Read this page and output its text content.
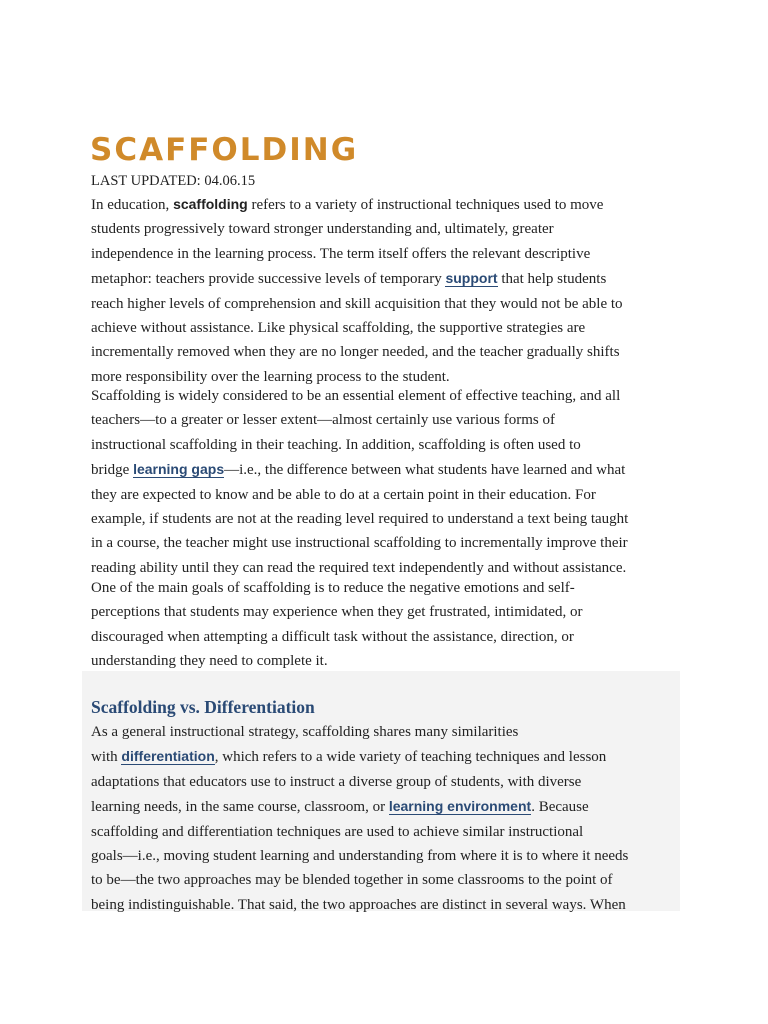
SCAFFOLDING
LAST UPDATED: 04.06.15

In education, scaffolding refers to a variety of instructional techniques used to move
students progressively toward stronger understanding and, ultimately, greater
independence in the learning process. The term itself offers the relevant descriptive
metaphor: teachers provide successive levels of temporary support that help students
reach higher levels of comprehension and skill acquisition that they would not be able to
achieve without assistance. Like physical scaffolding, the supportive strategies are
incrementally removed when they are no longer needed, and the teacher gradually shifts
more responsibility over the learning process to the student.

Scaffolding is widely considered to be an essential element of effective teaching, and all
teachers—to a greater or lesser extent—almost certainly use various forms of
instructional scaffolding in their teaching. In addition, scaffolding is often used to
bridge learning gaps—i.e., the difference between what students have learned and what
they are expected to know and be able to do at a certain point in their education. For
example, if students are not at the reading level required to understand a text being taught
in a course, the teacher might use instructional scaffolding to incrementally improve their
reading ability until they can read the required text independently and without assistance.

One of the main goals of scaffolding is to reduce the negative emotions and self-
perceptions that students may experience when they get frustrated, intimidated, or
discouraged when attempting a difficult task without the assistance, direction, or
understanding they need to complete it.

Scaffolding vs. Differentiation

As a general instructional strategy, scaffolding shares many similarities
with differentiation, which refers to a wide variety of teaching techniques and lesson
adaptations that educators use to instruct a diverse group of students, with diverse
learning needs, in the same course, classroom, or learning environment. Because
scaffolding and differentiation techniques are used to achieve similar instructional
goals—i.e., moving student learning and understanding from where it is to where it needs
to be—the two approaches may be blended together in some classrooms to the point of
being indistinguishable. That said, the two approaches are distinct in several ways. When
